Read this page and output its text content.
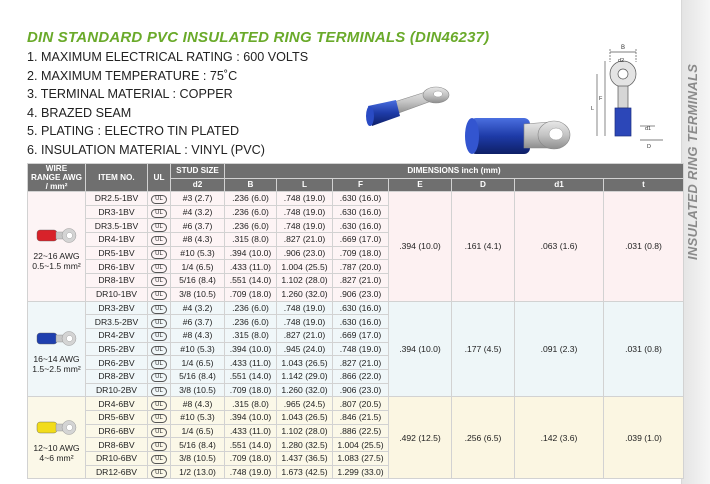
DIN STANDARD PVC INSULATED RING TERMINALS (DIN46237)
1. MAXIMUM ELECTRICAL RATING : 600 VOLTS
2. MAXIMUM TEMPERATURE : 75˚C
3. TERMINAL MATERIAL : COPPER
4. BRAZED SEAM
5. PLATING : ELECTRO TIN PLATED
6. INSULATION MATERIAL : VINYL (PVC)
B
d2
F
L
d1
D	INSULATED RING TERMINALS
WIRE RANGE AWG / mm²	ITEM NO.	UL	STUD SIZE	DIMENSIONS inch (mm)						
			d2	B	L	F	E	D	d1	t

22~16 AWG
0.5~1.5 mm²	DR2.5-1BV	UL	#3 (2.7)	.236 (6.0)	.748 (19.0)	.630 (16.0)	.394 (10.0)	.161 (4.1)	.063 (1.6)	.031 (0.8)
	DR3-1BV	UL	#4 (3.2)	.236 (6.0)	.748 (19.0)	.630 (16.0)				
	DR3.5-1BV	UL	#6 (3.7)	.236 (6.0)	.748 (19.0)	.630 (16.0)				
	DR4-1BV	UL	#8 (4.3)	.315 (8.0)	.827 (21.0)	.669 (17.0)				
	DR5-1BV	UL	#10 (5.3)	.394 (10.0)	.906 (23.0)	.709 (18.0)				
	DR6-1BV	UL	1/4 (6.5)	.433 (11.0)	1.004 (25.5)	.787 (20.0)				
	DR8-1BV	UL	5/16 (8.4)	.551 (14.0)	1.102 (28.0)	.827 (21.0)				
	DR10-1BV	UL	3/8 (10.5)	.709 (18.0)	1.260 (32.0)	.906 (23.0)				

16~14 AWG
1.5~2.5 mm²	DR3-2BV	UL	#4 (3.2)	.236 (6.0)	.748 (19.0)	.630 (16.0)	.394 (10.0)	.177 (4.5)	.091 (2.3)	.031 (0.8)
	DR3.5-2BV	UL	#6 (3.7)	.236 (6.0)	.748 (19.0)	.630 (16.0)				
	DR4-2BV	UL	#8 (4.3)	.315 (8.0)	.827 (21.0)	.669 (17.0)				
	DR5-2BV	UL	#10 (5.3)	.394 (10.0)	.945 (24.0)	.748 (19.0)				
	DR6-2BV	UL	1/4 (6.5)	.433 (11.0)	1.043 (26.5)	.827 (21.0)				
	DR8-2BV	UL	5/16 (8.4)	.551 (14.0)	1.142 (29.0)	.866 (22.0)				
	DR10-2BV	UL	3/8 (10.5)	.709 (18.0)	1.260 (32.0)	.906 (23.0)				

12~10 AWG
4~6 mm²	DR4-6BV	UL	#8 (4.3)	.315 (8.0)	.965 (24.5)	.807 (20.5)	.492 (12.5)	.256 (6.5)	.142 (3.6)	.039 (1.0)
	DR5-6BV	UL	#10 (5.3)	.394 (10.0)	1.043 (26.5)	.846 (21.5)				
	DR6-6BV	UL	1/4 (6.5)	.433 (11.0)	1.102 (28.0)	.886 (22.5)				
	DR8-6BV	UL	5/16 (8.4)	.551 (14.0)	1.280 (32.5)	1.004 (25.5)				
	DR10-6BV	UL	3/8 (10.5)	.709 (18.0)	1.437 (36.5)	1.083 (27.5)				
	DR12-6BV	UL	1/2 (13.0)	.748 (19.0)	1.673 (42.5)	1.299 (33.0)				
